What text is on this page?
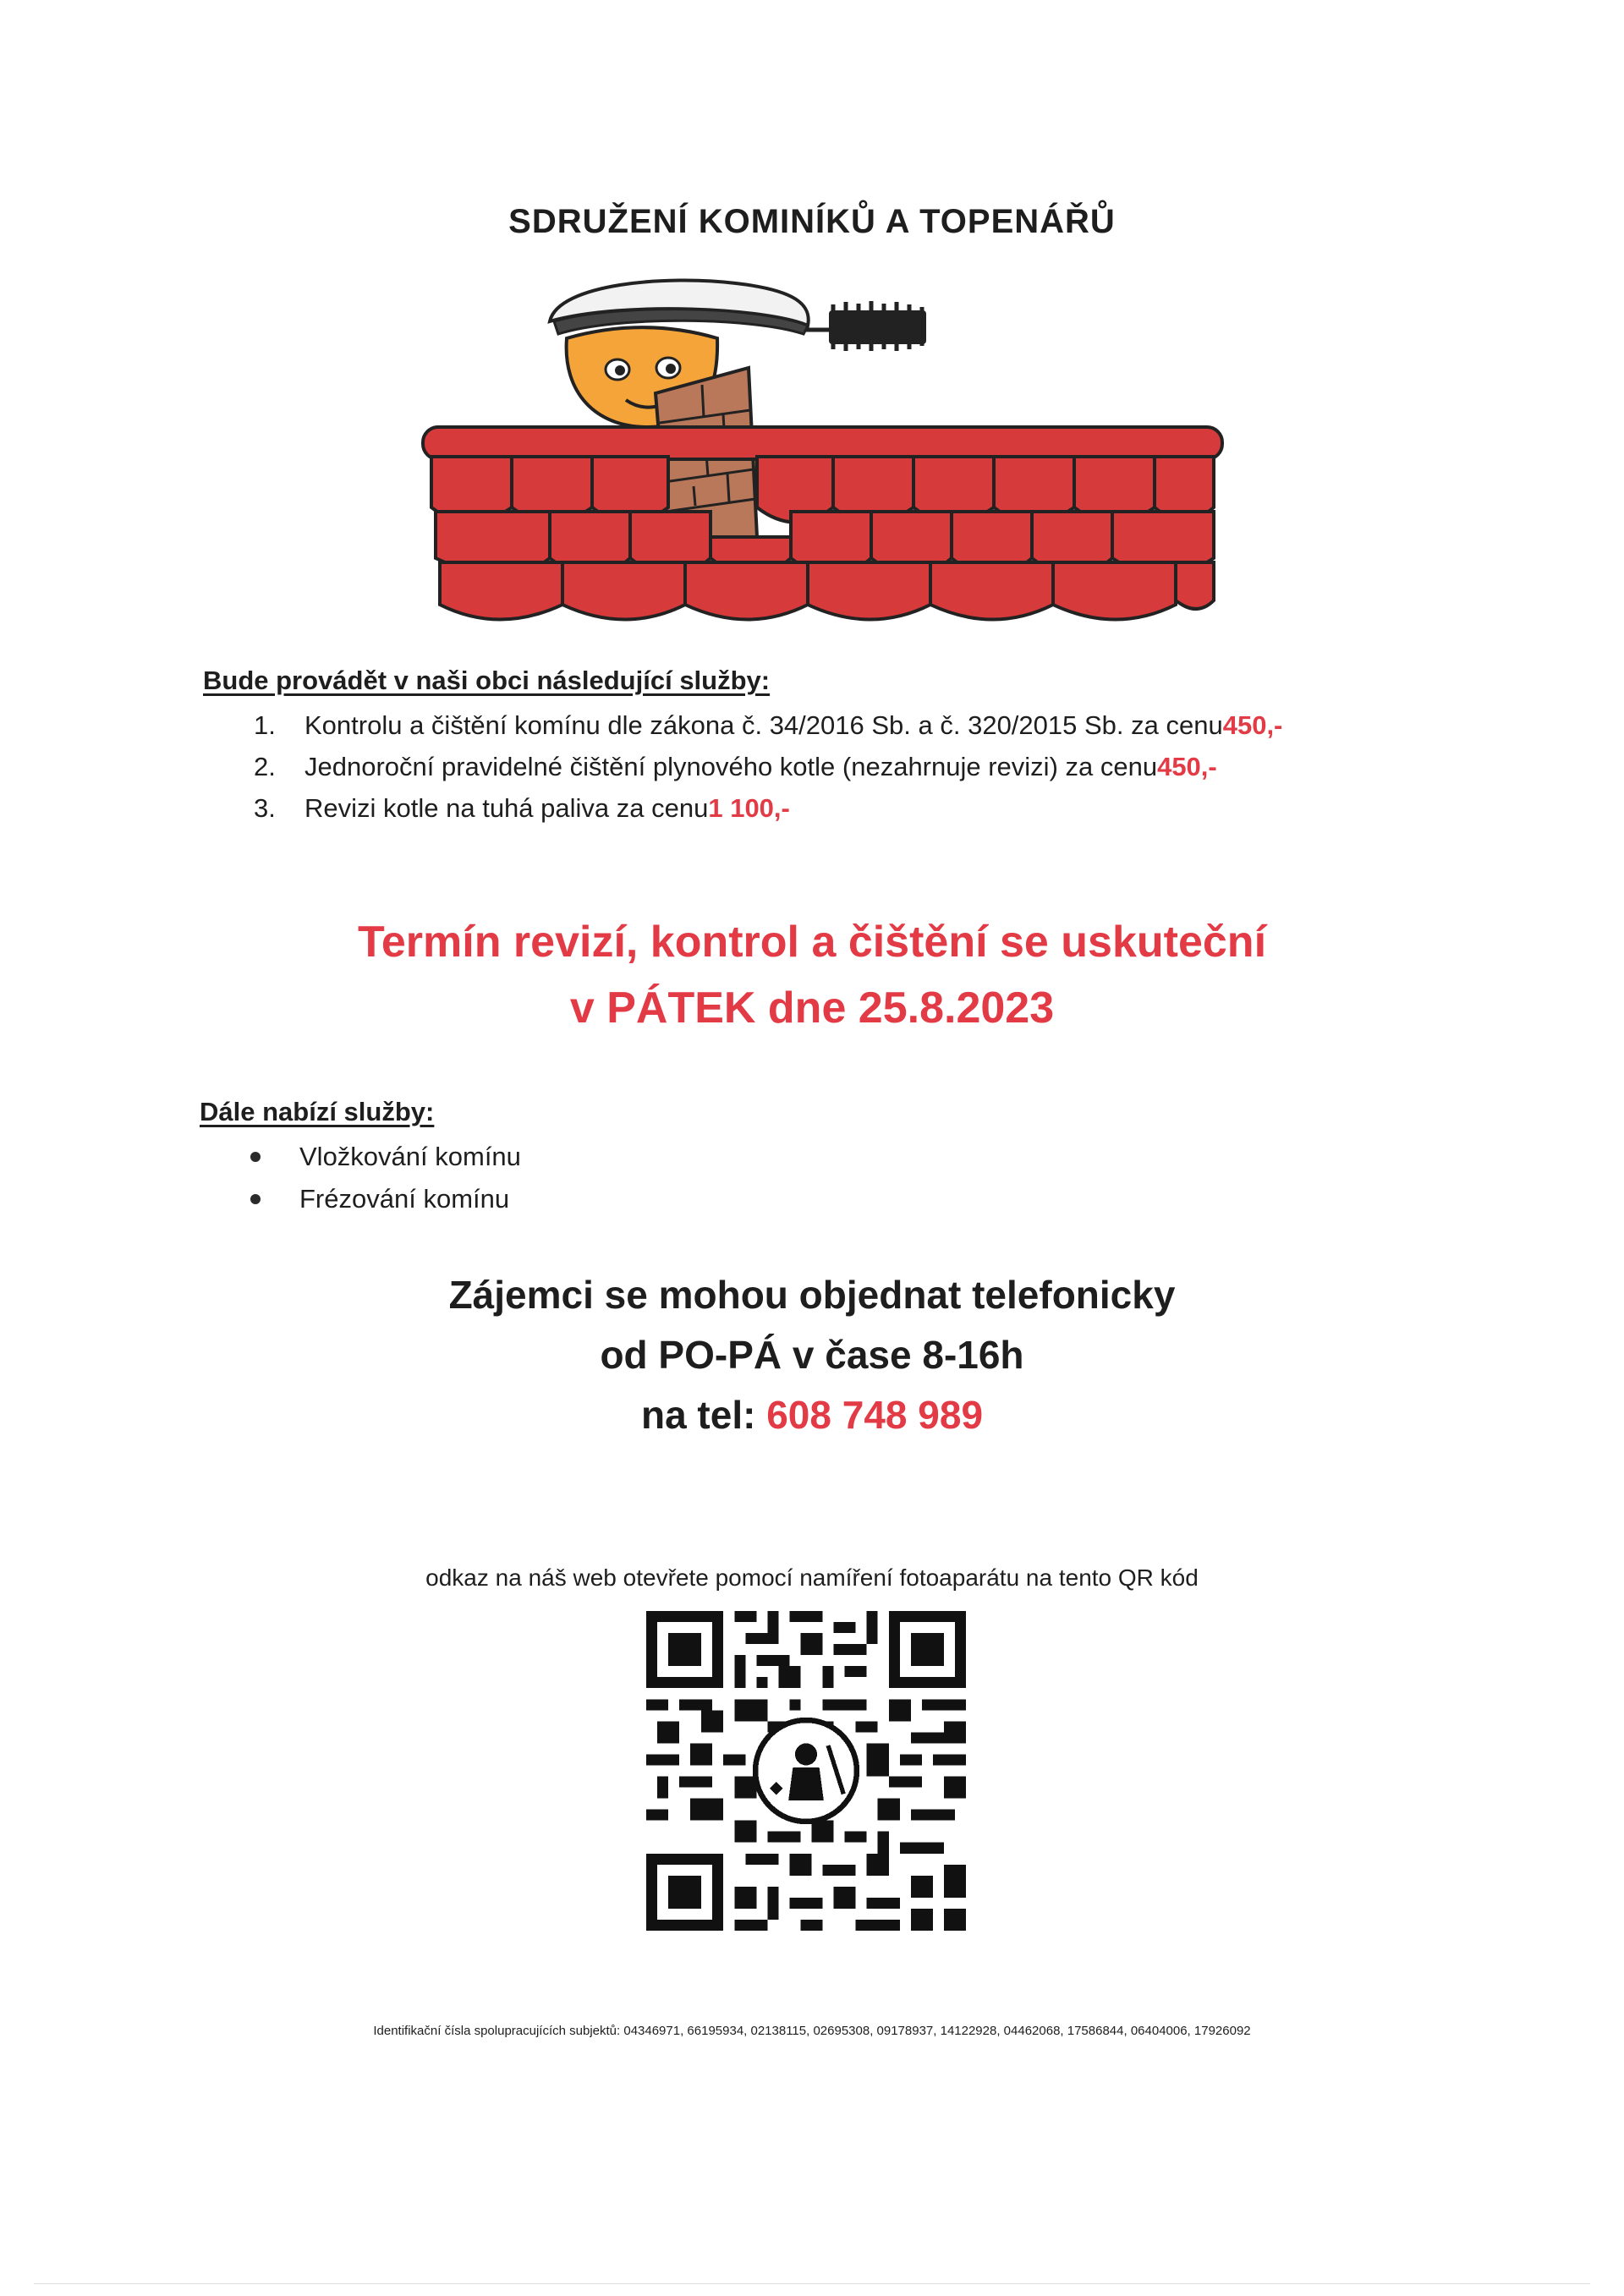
SDRUŽENÍ KOMINÍKŮ A TOPENÁŘŮ
Bude provádět v naši obci následující služby:
1.	Kontrolu a čištění komínu dle zákona č. 34/2016 Sb. a č. 320/2015 Sb. za cenu 450,-
2.	Jednoroční pravidelné čištění plynového kotle (nezahrnuje revizi) za cenu 450,-
3.	Revizi kotle na tuhá paliva za cenu 1 100,-
Termín revizí, kontrol a čištění se uskuteční
v PÁTEK dne 25.8.2023
Dále nabízí služby:
Vložkování komínu
Frézování komínu
Zájemci se mohou objednat telefonicky
od PO-PÁ v čase 8-16h
na tel: 608 748 989
odkaz na náš web otevřete pomocí namíření fotoaparátu na tento QR kód
Identifikační čísla spolupracujících subjektů: 04346971, 66195934, 02138115, 02695308, 09178937, 14122928, 04462068, 17586844, 06404006, 17926092
